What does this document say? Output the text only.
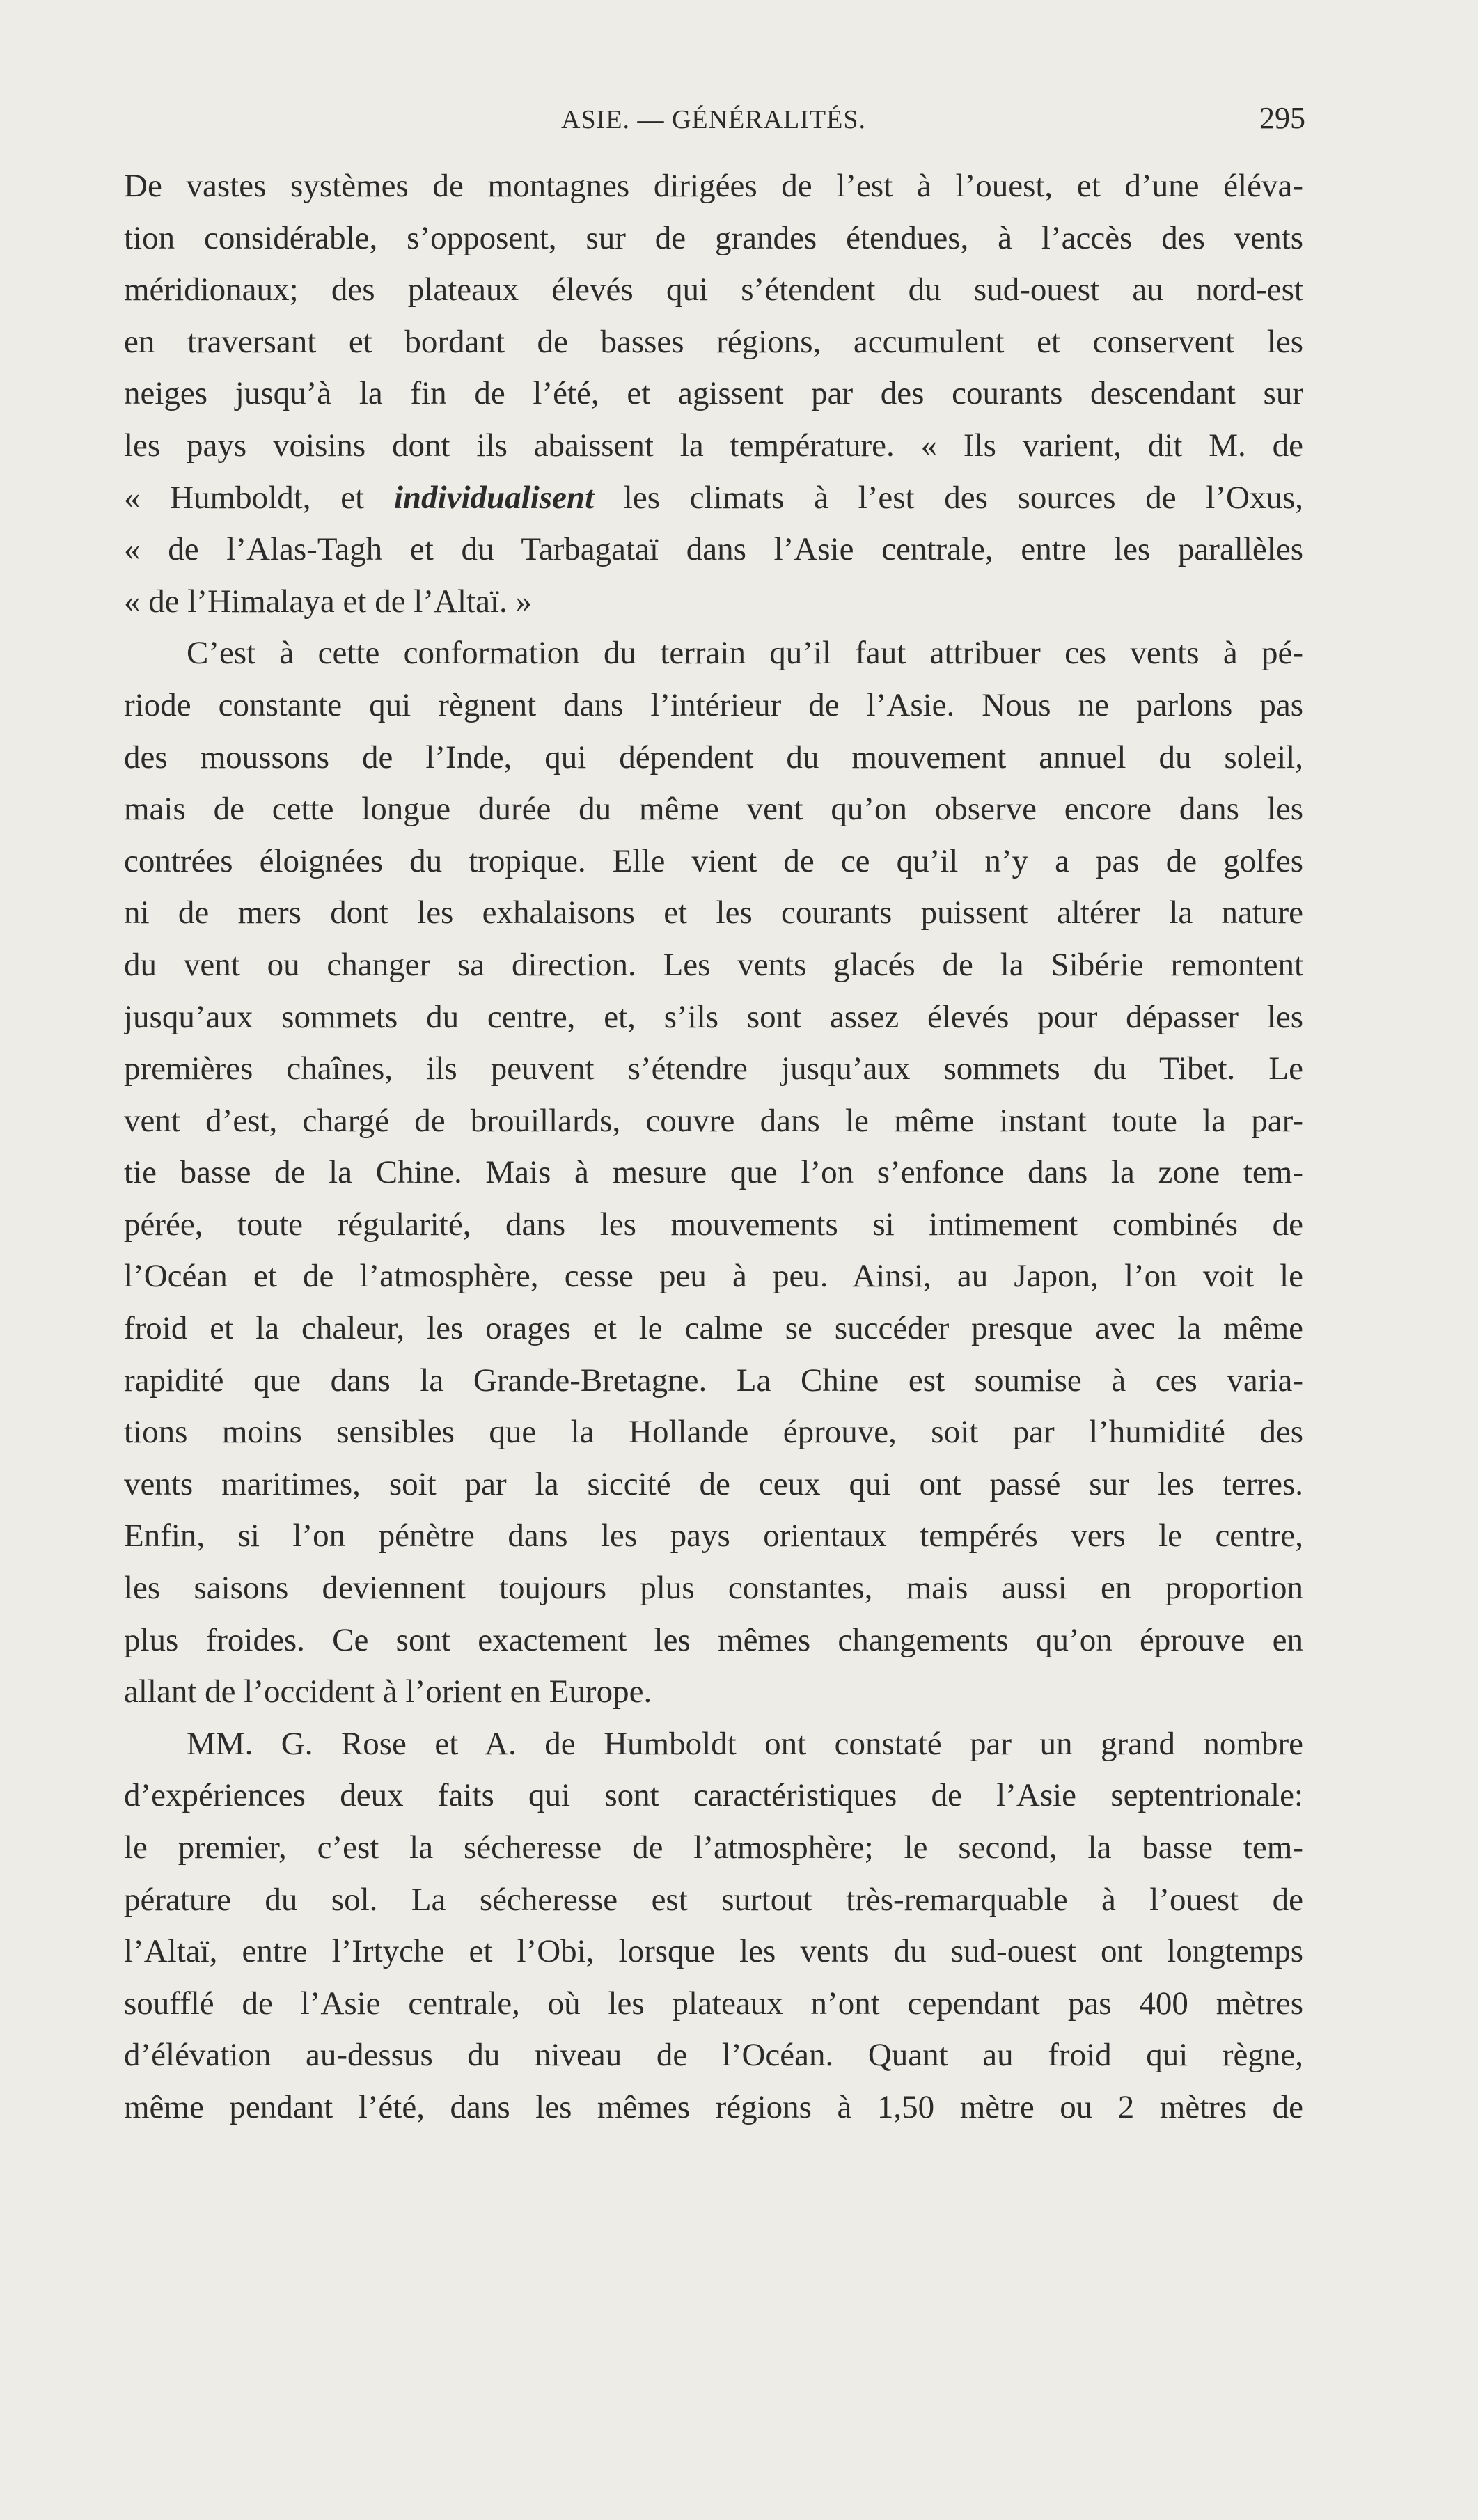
ASIE. — GÉNÉRALITÉS.	295
De vastes systèmes de montagnes dirigées de l’est à l’ouest, et d’une éléva-
tion considérable, s’opposent, sur de grandes étendues, à l’accès des vents
méridionaux; des plateaux élevés qui s’étendent du sud-ouest au nord-est
en traversant et bordant de basses régions, accumulent et conservent les
neiges jusqu’à la fin de l’été, et agissent par des courants descendant sur
les pays voisins dont ils abaissent la température. « Ils varient, dit M. de
« Humboldt, et individualisent les climats à l’est des sources de l’Oxus,
« de l’Alas-Tagh et du Tarbagataï dans l’Asie centrale, entre les parallèles
« de l’Himalaya et de l’Altaï. »
C’est à cette conformation du terrain qu’il faut attribuer ces vents à pé-
riode constante qui règnent dans l’intérieur de l’Asie. Nous ne parlons pas
des moussons de l’Inde, qui dépendent du mouvement annuel du soleil,
mais de cette longue durée du même vent qu’on observe encore dans les
contrées éloignées du tropique. Elle vient de ce qu’il n’y a pas de golfes
ni de mers dont les exhalaisons et les courants puissent altérer la nature
du vent ou changer sa direction. Les vents glacés de la Sibérie remontent
jusqu’aux sommets du centre, et, s’ils sont assez élevés pour dépasser les
premières chaînes, ils peuvent s’étendre jusqu’aux sommets du Tibet. Le
vent d’est, chargé de brouillards, couvre dans le même instant toute la par-
tie basse de la Chine. Mais à mesure que l’on s’enfonce dans la zone tem-
pérée, toute régularité, dans les mouvements si intimement combinés de
l’Océan et de l’atmosphère, cesse peu à peu. Ainsi, au Japon, l’on voit le
froid et la chaleur, les orages et le calme se succéder presque avec la même
rapidité que dans la Grande-Bretagne. La Chine est soumise à ces varia-
tions moins sensibles que la Hollande éprouve, soit par l’humidité des
vents maritimes, soit par la siccité de ceux qui ont passé sur les terres.
Enfin, si l’on pénètre dans les pays orientaux tempérés vers le centre,
les saisons deviennent toujours plus constantes, mais aussi en proportion
plus froides. Ce sont exactement les mêmes changements qu’on éprouve en
allant de l’occident à l’orient en Europe.
MM. G. Rose et A. de Humboldt ont constaté par un grand nombre
d’expériences deux faits qui sont caractéristiques de l’Asie septentrionale:
le premier, c’est la sécheresse de l’atmosphère; le second, la basse tem-
pérature du sol. La sécheresse est surtout très-remarquable à l’ouest de
l’Altaï, entre l’Irtyche et l’Obi, lorsque les vents du sud-ouest ont longtemps
soufflé de l’Asie centrale, où les plateaux n’ont cependant pas 400 mètres
d’élévation au-dessus du niveau de l’Océan. Quant au froid qui règne,
même pendant l’été, dans les mêmes régions à 1,50 mètre ou 2 mètres de
